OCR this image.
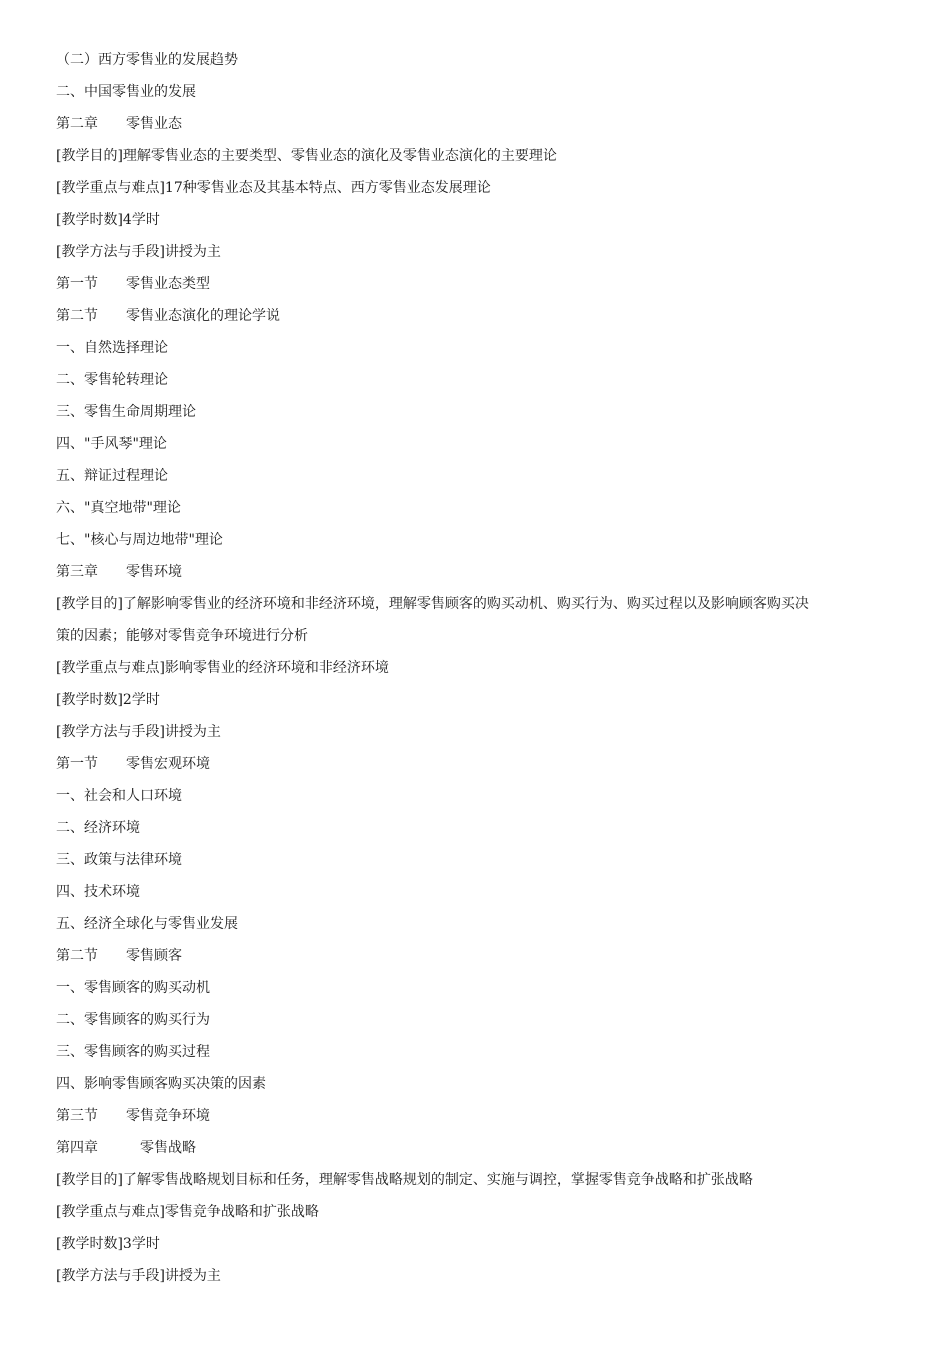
（二）西方零售业的发展趋势
二、中国零售业的发展
第二章　　零售业态
[教学目的]理解零售业态的主要类型、零售业态的演化及零售业态演化的主要理论
[教学重点与难点]17种零售业态及其基本特点、西方零售业态发展理论
[教学时数]4学时
[教学方法与手段]讲授为主
第一节　　零售业态类型
第二节　　零售业态演化的理论学说
一、自然选择理论
二、零售轮转理论
三、零售生命周期理论
四、"手风琴"理论
五、辩证过程理论
六、"真空地带"理论
七、"核心与周边地带"理论
第三章　　零售环境
[教学目的]了解影响零售业的经济环境和非经济环境，理解零售顾客的购买动机、购买行为、购买过程以及影响顾客购买决
策的因素；能够对零售竞争环境进行分析
[教学重点与难点]影响零售业的经济环境和非经济环境
[教学时数]2学时
[教学方法与手段]讲授为主
第一节　　零售宏观环境
一、社会和人口环境
二、经济环境
三、政策与法律环境
四、技术环境
五、经济全球化与零售业发展
第二节　　零售顾客
一、零售顾客的购买动机
二、零售顾客的购买行为
三、零售顾客的购买过程
四、影响零售顾客购买决策的因素
第三节　　零售竞争环境
第四章　　　零售战略
[教学目的]了解零售战略规划目标和任务，理解零售战略规划的制定、实施与调控，掌握零售竞争战略和扩张战略
[教学重点与难点]零售竞争战略和扩张战略
[教学时数]3学时
[教学方法与手段]讲授为主
